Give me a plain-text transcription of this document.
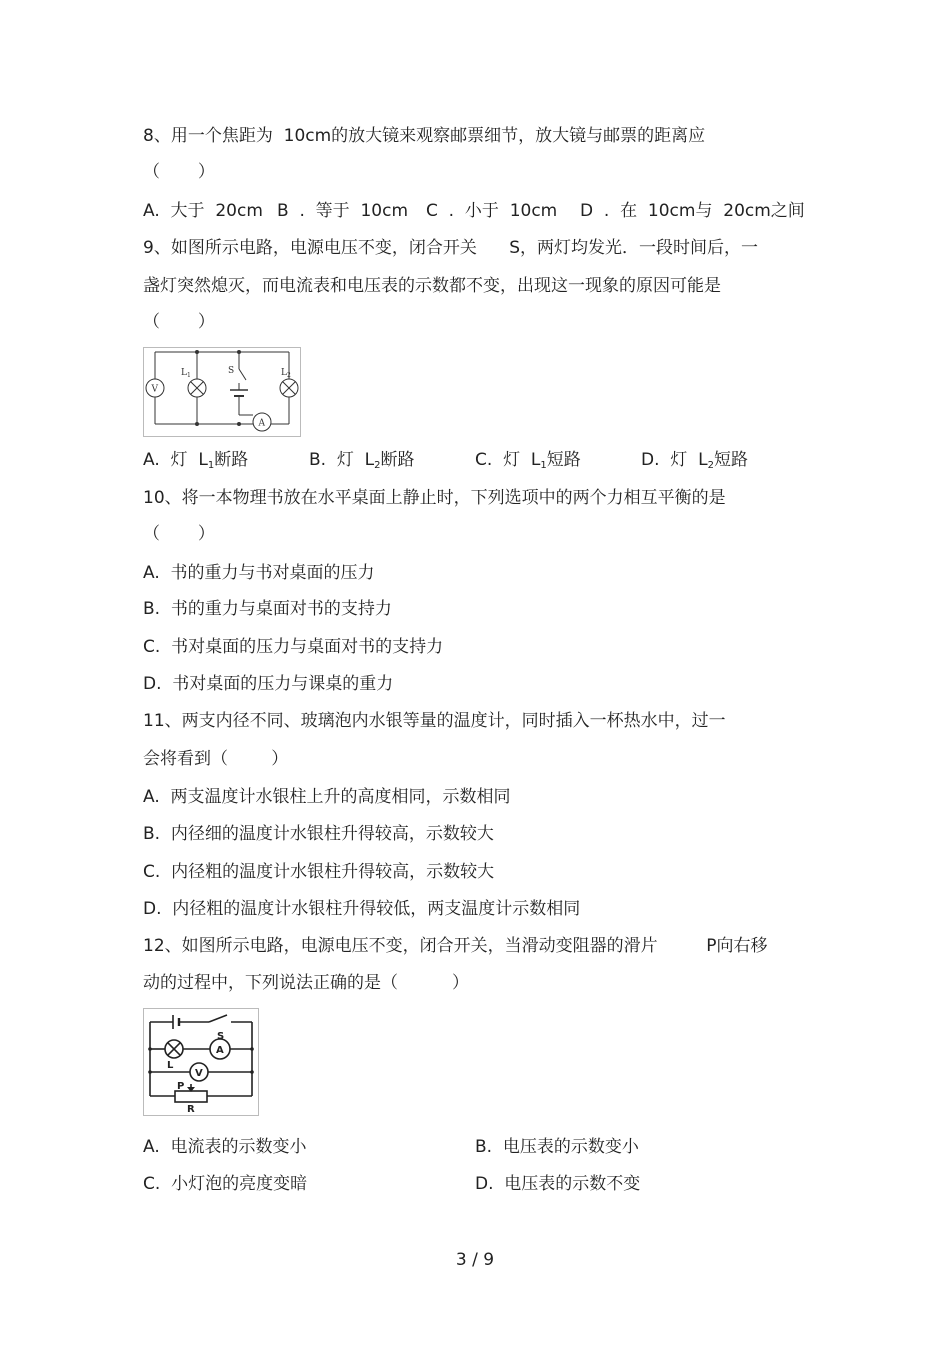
8、用一个焦距为  10cm的放大镜来观察邮票细节，放大镜与邮票的距离应
（       ）
A.  大于  20cm B  .  等于  10cm C  .  小于  10cm D  .  在  10cm与  20cm之间
9、如图所示电路，电源电压不变，闭合开关      S，两灯均发光．一段时间后，一
盏灯突然熄灭，而电流表和电压表的示数都不变，出现这一现象的原因可能是
（       ）
V
L 1	S	L 2
A
A.  灯  L1断路	B.  灯  L2断路	C.  灯  L1短路	D.  灯  L2短路
10、将一本物理书放在水平桌面上静止时，下列选项中的两个力相互平衡的是
（       ）
A.  书的重力与书对桌面的压力
B.  书的重力与桌面对书的支持力
C.  书对桌面的压力与桌面对书的支持力
D.  书对桌面的压力与课桌的重力
11、两支内径不同、玻璃泡内水银等量的温度计，同时插入一杯热水中，过一
会将看到（        ）
A.  两支温度计水银柱上升的高度相同，示数相同
B.  内径细的温度计水银柱升得较高，示数较大
C.  内径粗的温度计水银柱升得较高，示数较大
D.  内径粗的温度计水银柱升得较低，两支温度计示数相同
12、如图所示电路，电源电压不变，闭合开关，当滑动变阻器的滑片         P向右移
动的过程中，下列说法正确的是（          ）
S
A
L
V
P
R
A.  电流表的示数变小	B.  电压表的示数变小
C.  小灯泡的亮度变暗	D.  电压表的示数不变
3 / 9
